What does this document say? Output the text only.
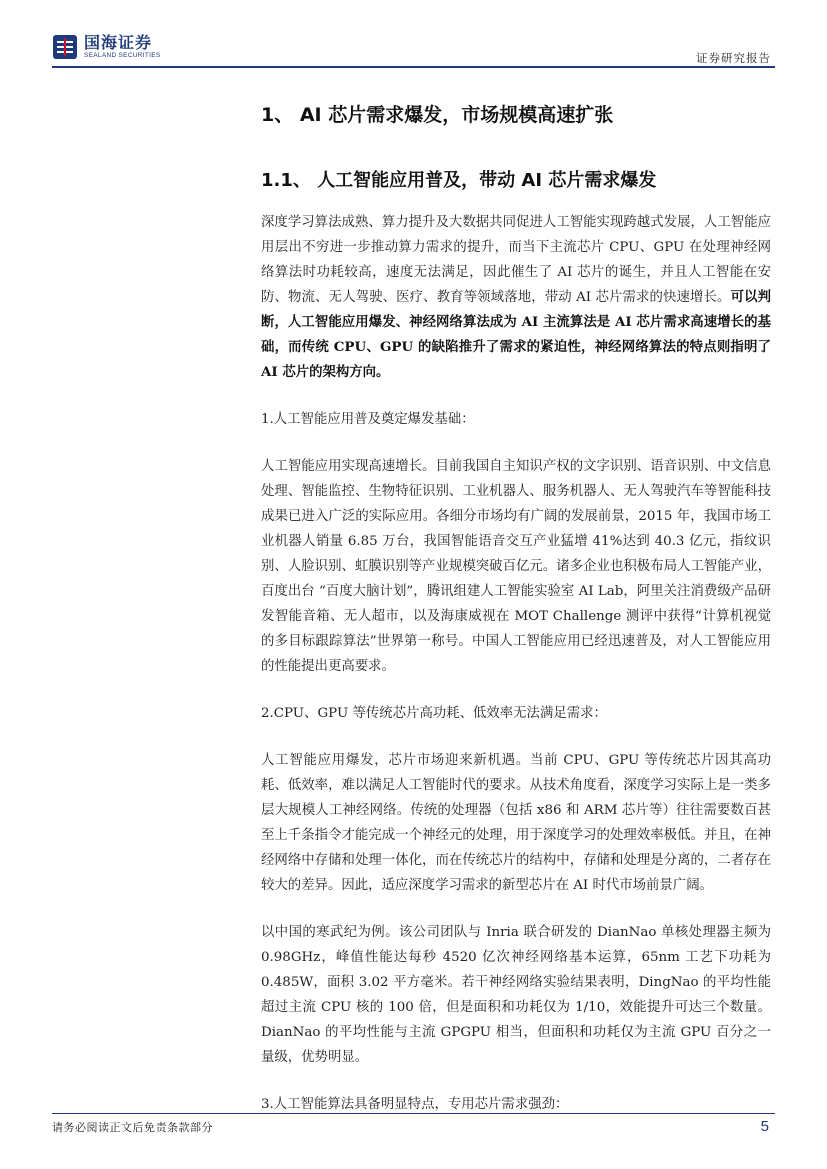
国海证券
SEALAND SECURITIES	证券研究报告
1、 AI 芯片需求爆发，市场规模高速扩张
1.1、 人工智能应用普及，带动 AI 芯片需求爆发

深度学习算法成熟、算力提升及大数据共同促进人工智能实现跨越式发展，人工智能应用层出不穷进一步推动算力需求的提升，而当下主流芯片 CPU、GPU 在处理神经网络算法时功耗较高，速度无法满足，因此催生了 AI 芯片的诞生，并且人工智能在安防、物流、无人驾驶、医疗、教育等领域落地，带动 AI 芯片需求的快速增长。可以判断，人工智能应用爆发、神经网络算法成为 AI 主流算法是 AI 芯片需求高速增长的基础，而传统 CPU、GPU 的缺陷推升了需求的紧迫性，神经网络算法的特点则指明了 AI 芯片的架构方向。

1.人工智能应用普及奠定爆发基础：

人工智能应用实现高速增长。目前我国自主知识产权的文字识别、语音识别、中文信息处理、智能监控、生物特征识别、工业机器人、服务机器人、无人驾驶汽车等智能科技成果已进入广泛的实际应用。各细分市场均有广阔的发展前景，2015 年，我国市场工业机器人销量 6.85 万台，我国智能语音交互产业猛增 41%达到 40.3 亿元，指纹识别、人脸识别、虹膜识别等产业规模突破百亿元。诸多企业也积极布局人工智能产业，百度出台 “百度大脑计划”，腾讯组建人工智能实验室 AI Lab，阿里关注消费级产品研发智能音箱、无人超市，以及海康威视在 MOT Challenge 测评中获得“计算机视觉的多目标跟踪算法”世界第一称号。中国人工智能应用已经迅速普及，对人工智能应用的性能提出更高要求。

2.CPU、GPU 等传统芯片高功耗、低效率无法满足需求：

人工智能应用爆发，芯片市场迎来新机遇。当前 CPU、GPU 等传统芯片因其高功耗、低效率，难以满足人工智能时代的要求。从技术角度看，深度学习实际上是一类多层大规模人工神经网络。传统的处理器（包括 x86 和 ARM 芯片等）往往需要数百甚至上千条指令才能完成一个神经元的处理，用于深度学习的处理效率极低。并且，在神经网络中存储和处理一体化，而在传统芯片的结构中，存储和处理是分离的，二者存在较大的差异。因此，适应深度学习需求的新型芯片在 AI 时代市场前景广阔。

以中国的寒武纪为例。该公司团队与 Inria 联合研发的 DianNao 单核处理器主频为 0.98GHz，峰值性能达每秒 4520 亿次神经网络基本运算，65nm 工艺下功耗为 0.485W，面积 3.02 平方毫米。若干神经网络实验结果表明，DingNao 的平均性能超过主流 CPU 核的 100 倍，但是面积和功耗仅为 1/10，效能提升可达三个数量。DianNao 的平均性能与主流 GPGPU 相当，但面积和功耗仅为主流 GPU 百分之一量级，优势明显。

3.人工智能算法具备明显特点，专用芯片需求强劲：

请务必阅读正文后免责条款部分	5
